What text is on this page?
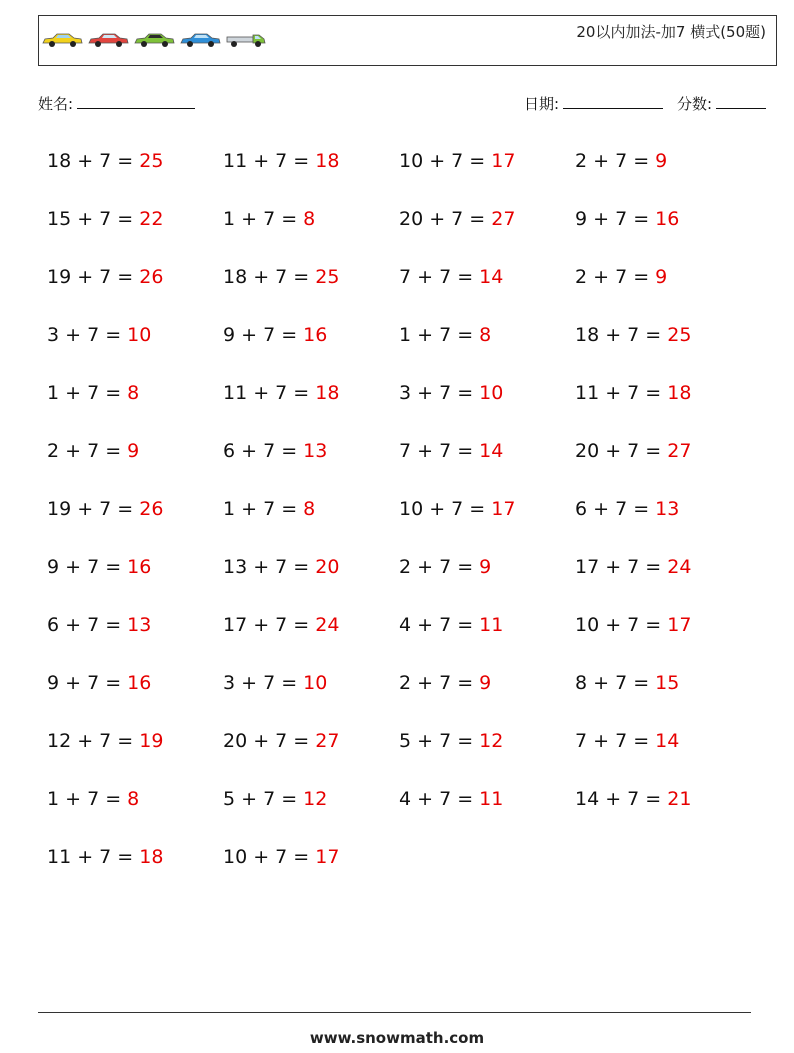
20以内加法-加7 横式(50题)
姓名:	日期:	分数:
18 + 7 = 25	11 + 7 = 18	10 + 7 = 17	2 + 7 = 9
15 + 7 = 22	1 + 7 = 8	20 + 7 = 27	9 + 7 = 16
19 + 7 = 26	18 + 7 = 25	7 + 7 = 14	2 + 7 = 9
3 + 7 = 10	9 + 7 = 16	1 + 7 = 8	18 + 7 = 25
1 + 7 = 8	11 + 7 = 18	3 + 7 = 10	11 + 7 = 18
2 + 7 = 9	6 + 7 = 13	7 + 7 = 14	20 + 7 = 27
19 + 7 = 26	1 + 7 = 8	10 + 7 = 17	6 + 7 = 13
9 + 7 = 16	13 + 7 = 20	2 + 7 = 9	17 + 7 = 24
6 + 7 = 13	17 + 7 = 24	4 + 7 = 11	10 + 7 = 17
9 + 7 = 16	3 + 7 = 10	2 + 7 = 9	8 + 7 = 15
12 + 7 = 19	20 + 7 = 27	5 + 7 = 12	7 + 7 = 14
1 + 7 = 8	5 + 7 = 12	4 + 7 = 11	14 + 7 = 21
11 + 7 = 18	10 + 7 = 17
www.snowmath.com
